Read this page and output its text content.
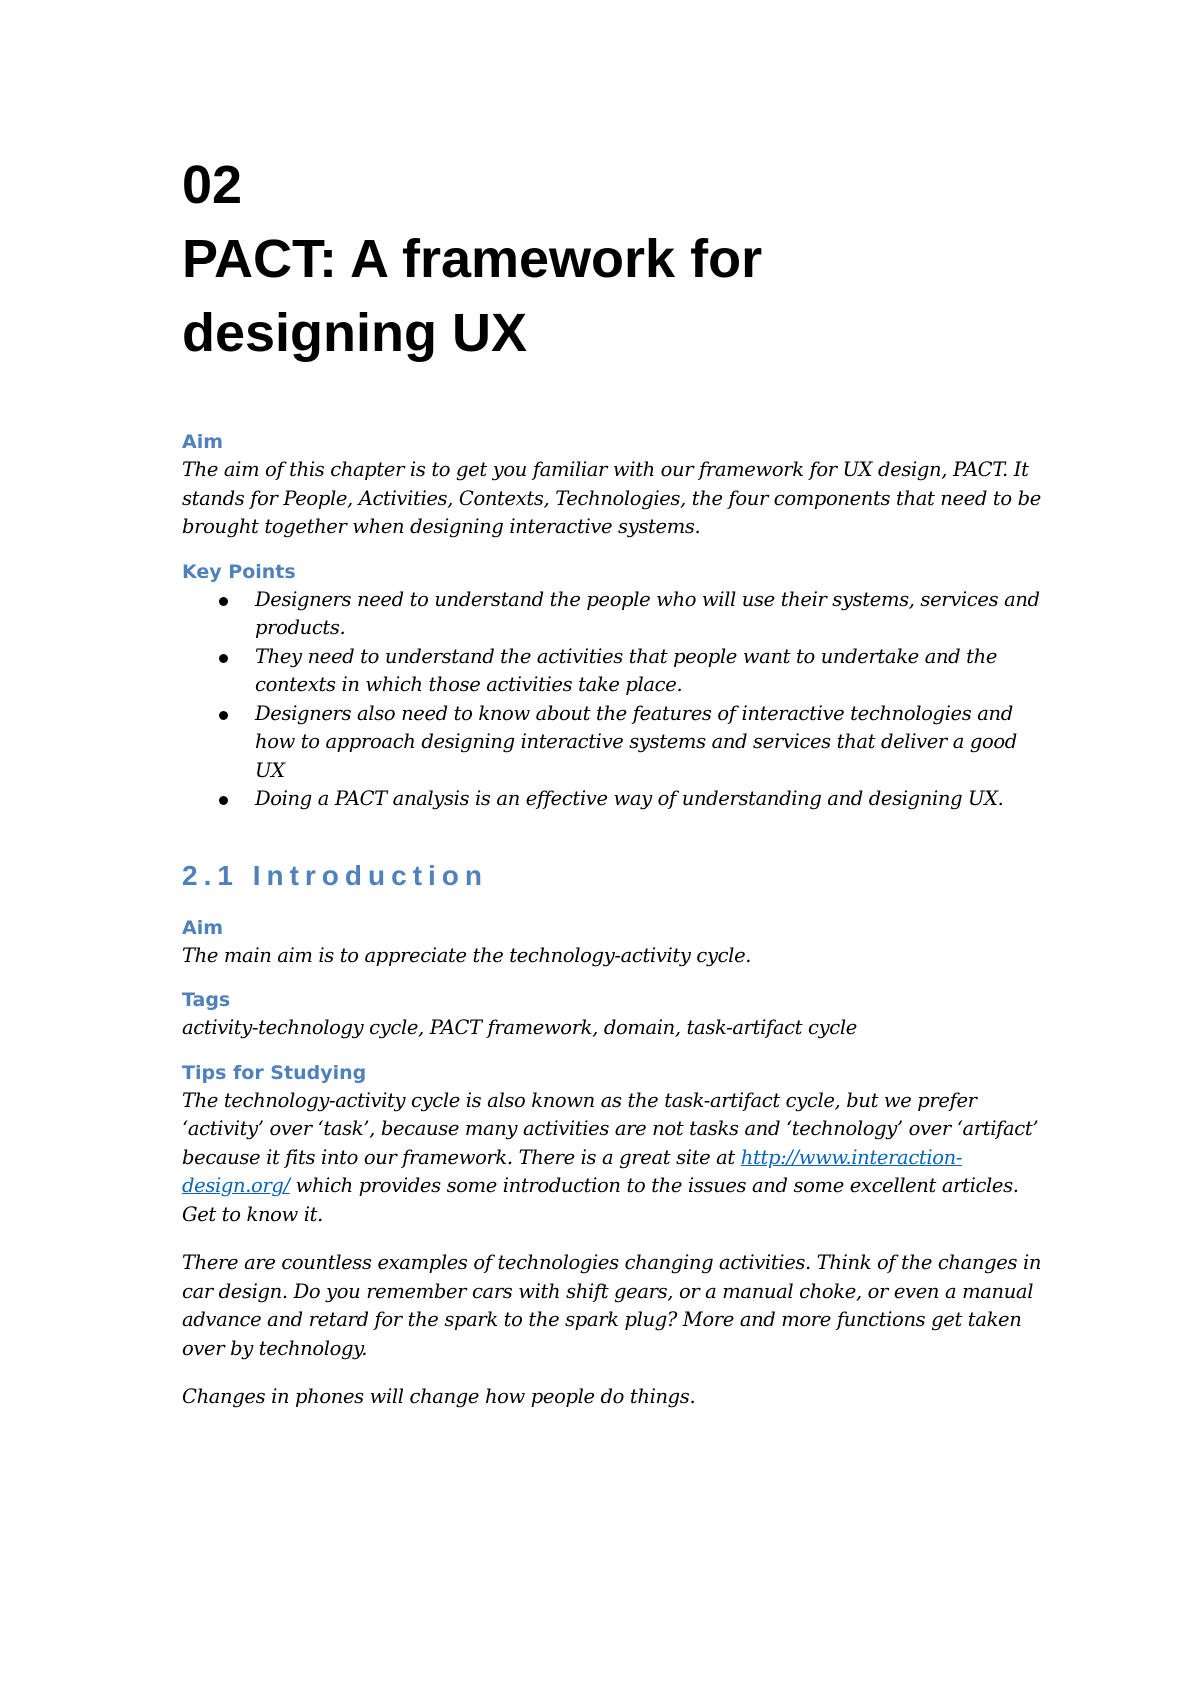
02
PACT: A framework for designing UX
Aim

The aim of this chapter is to get you familiar with our framework for UX design, PACT. It stands for People, Activities, Contexts, Technologies, the four components that need to be brought together when designing interactive systems.

Key Points
Designers need to understand the people who will use their systems, services and products.
They need to understand the activities that people want to undertake and the contexts in which those activities take place.
Designers also need to know about the features of interactive technologies and how to approach designing interactive systems and services that deliver a good UX
Doing a PACT analysis is an effective way of understanding and designing UX.
2.1 Introduction
Aim

The main aim is to appreciate the technology-activity cycle.

Tags

activity-technology cycle, PACT framework, domain, task-artifact cycle

Tips for Studying

The technology-activity cycle is also known as the task-artifact cycle, but we prefer ‘activity’ over ‘task’, because many activities are not tasks and ‘technology’ over ‘artifact’ because it fits into our framework. There is a great site at http://www.interaction-design.org/ which provides some introduction to the issues and some excellent articles. Get to know it.

There are countless examples of technologies changing activities. Think of the changes in car design. Do you remember cars with shift gears, or a manual choke, or even a manual advance and retard for the spark to the spark plug? More and more functions get taken over by technology.

Changes in phones will change how people do things.
